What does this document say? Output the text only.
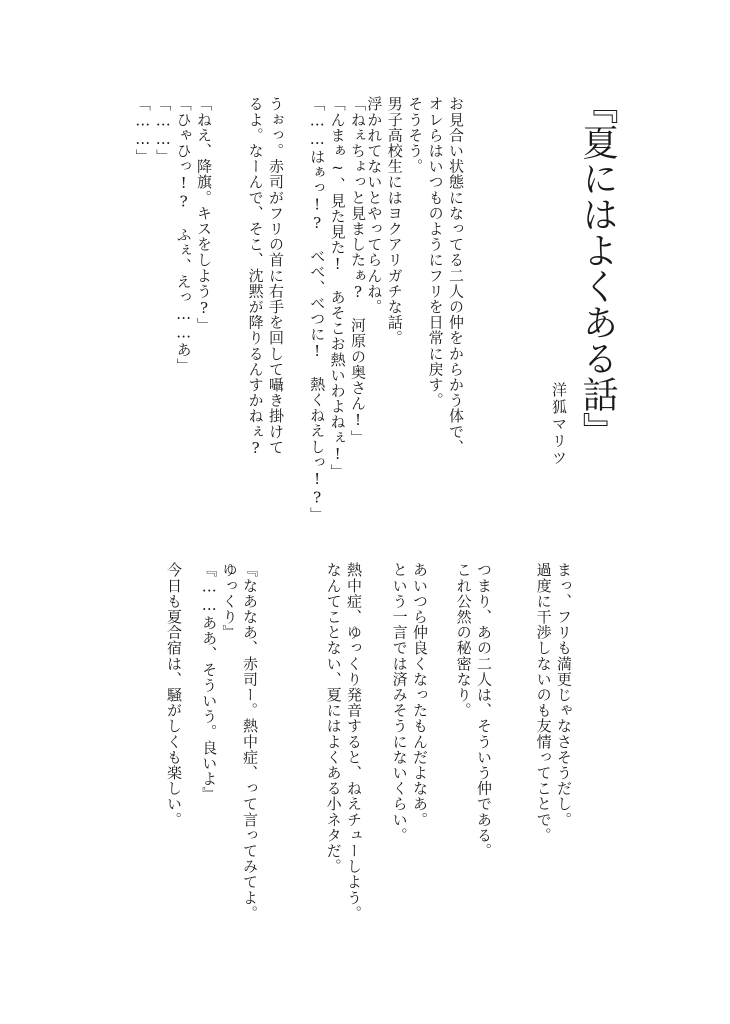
『夏にはよくある話』
洋狐マリツ
「ねえ、降旗。キスをしよう?」
「ひゃひっ!?　ふぇ、えっ……あ」
「……」
「……」	うぉっ。赤司がフリの首に右手を回して囁き掛けて
るよ。なーんで、そこ、沈黙が降りるんすかねぇ?	「ねぇちょっと見ましたぁ?　河原の奥さん!」
「んまぁ~、見た見た!　あそこお熱いわよねぇ!」
「……はぁっ!?　べべ、べつに!　熱くねえしっ!?」	お見合い状態になってる二人の仲をからかう体で、
オレらはいつものようにフリを日常に戻す。
そうそう。
男子高校生にはヨクアリガチな話。
浮かれてないとやってらんね。
『なあなあ、赤司ー。熱中症、って言ってみてよ。
ゆっくり』
『……ああ、そういう。良いよ』	熱中症、ゆっくり発音すると、ねえチューしよう。
なんてことない、夏にはよくある小ネタだ。	あいつら仲良くなったもんだよなあ。
という一言では済みそうにないくらい。	つまり、あの二人は、そういう仲である。
これ公然の秘密なり。	まっ、フリも満更じゃなさそうだし。
過度に干渉しないのも友情ってことで。
今日も夏合宿は、騒がしくも楽しい。
